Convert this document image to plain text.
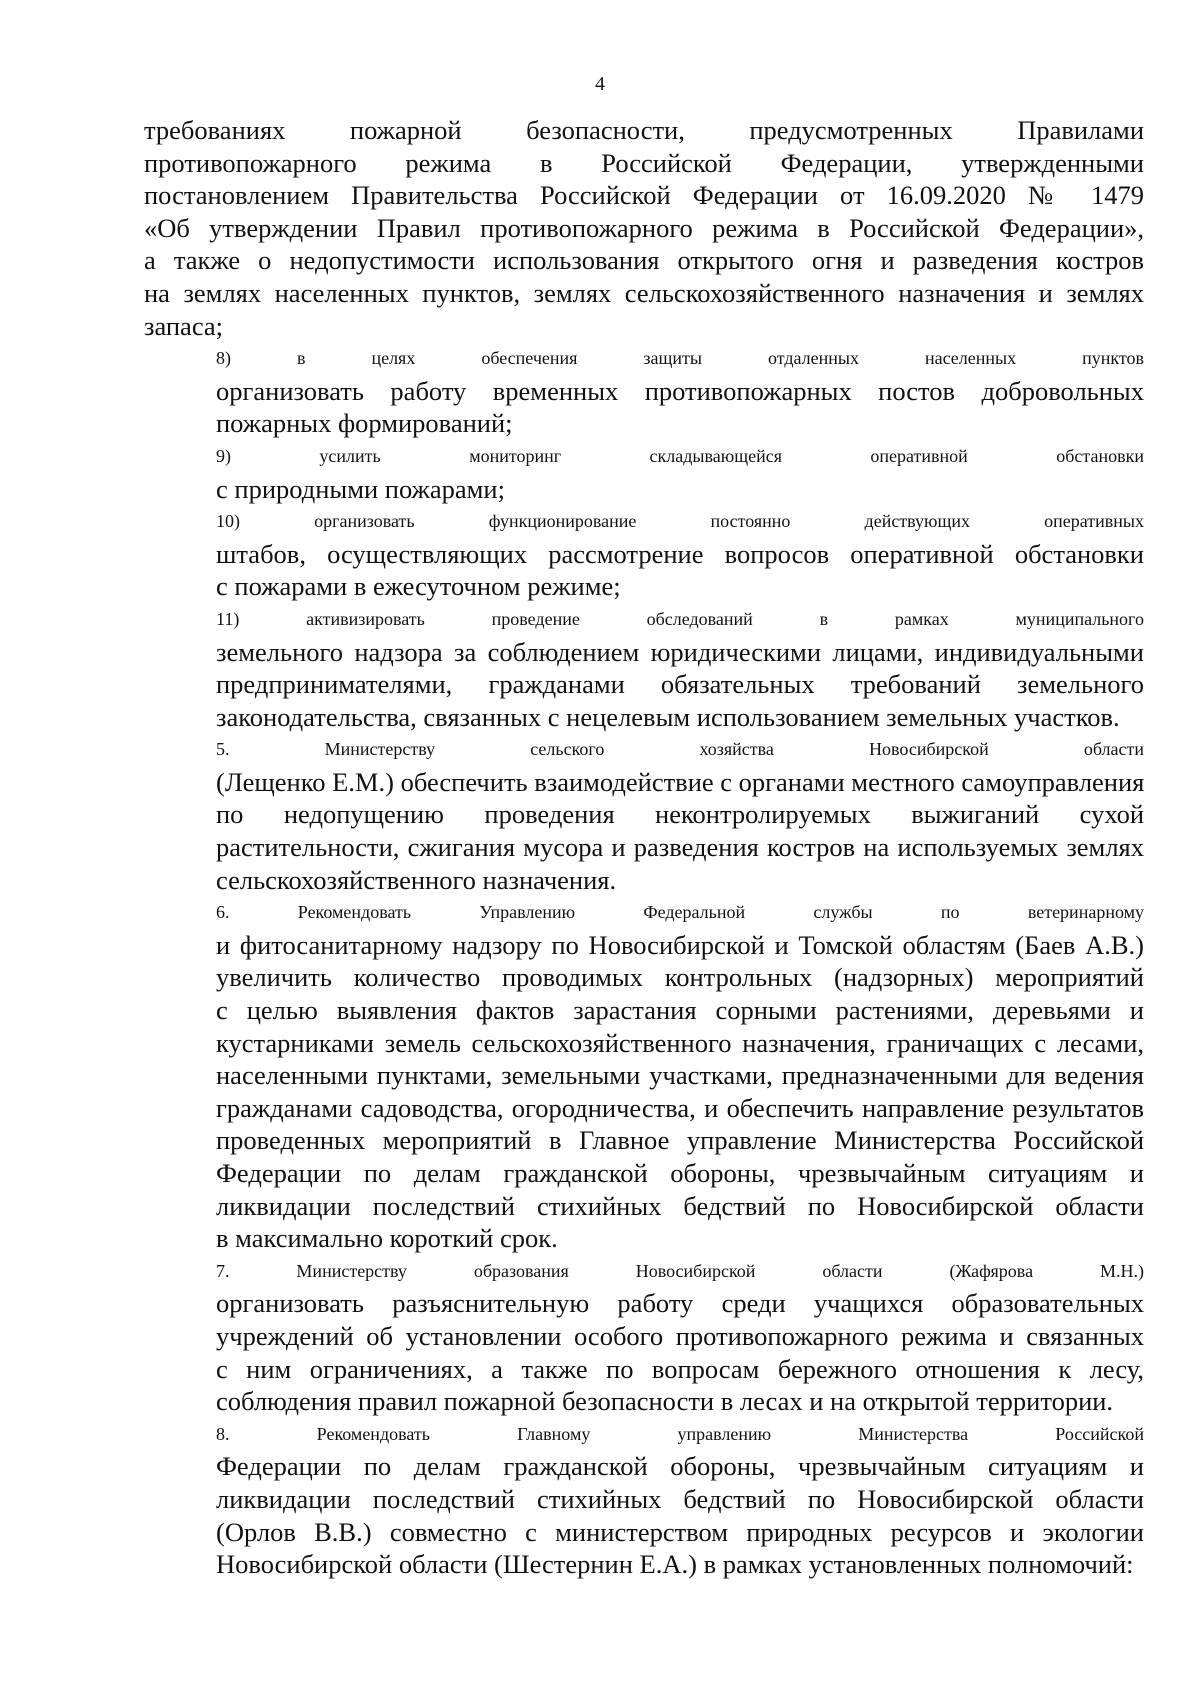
4
требованиях пожарной безопасности, предусмотренных Правилами
противопожарного режима в Российской Федерации, утвержденными
постановлением Правительства Российской Федерации от 16.09.2020 № 1479
«Об утверждении Правил противопожарного режима в Российской Федерации»,
а также о недопустимости использования открытого огня и разведения костров
на землях населенных пунктов, землях сельскохозяйственного назначения и землях
запаса;
8) в целях обеспечения защиты отдаленных населенных пунктов
организовать работу временных противопожарных постов добровольных
пожарных формирований;
9) усилить мониторинг складывающейся оперативной обстановки
с природными пожарами;
10) организовать функционирование постоянно действующих оперативных
штабов, осуществляющих рассмотрение вопросов оперативной обстановки
с пожарами в ежесуточном режиме;
11) активизировать проведение обследований в рамках муниципального
земельного надзора за соблюдением юридическими лицами, индивидуальными
предпринимателями, гражданами обязательных требований земельного
законодательства, связанных с нецелевым использованием земельных участков.
5. Министерству сельского хозяйства Новосибирской области
(Лещенко Е.М.) обеспечить взаимодействие с органами местного самоуправления
по недопущению проведения неконтролируемых выжиганий сухой
растительности, сжигания мусора и разведения костров на используемых землях
сельскохозяйственного назначения.
6. Рекомендовать Управлению Федеральной службы по ветеринарному
и фитосанитарному надзору по Новосибирской и Томской областям (Баев А.В.)
увеличить количество проводимых контрольных (надзорных) мероприятий
с целью выявления фактов зарастания сорными растениями, деревьями и
кустарниками земель сельскохозяйственного назначения, граничащих с лесами,
населенными пунктами, земельными участками, предназначенными для ведения
гражданами садоводства, огородничества, и обеспечить направление результатов
проведенных мероприятий в Главное управление Министерства Российской
Федерации по делам гражданской обороны, чрезвычайным ситуациям и
ликвидации последствий стихийных бедствий по Новосибирской области
в максимально короткий срок.
7. Министерству образования Новосибирской области (Жафярова М.Н.)
организовать разъяснительную работу среди учащихся образовательных
учреждений об установлении особого противопожарного режима и связанных
с ним ограничениях, а также по вопросам бережного отношения к лесу,
соблюдения правил пожарной безопасности в лесах и на открытой территории.
8. Рекомендовать Главному управлению Министерства Российской
Федерации по делам гражданской обороны, чрезвычайным ситуациям и
ликвидации последствий стихийных бедствий по Новосибирской области
(Орлов В.В.) совместно с министерством природных ресурсов и экологии
Новосибирской области (Шестернин Е.А.) в рамках установленных полномочий:
